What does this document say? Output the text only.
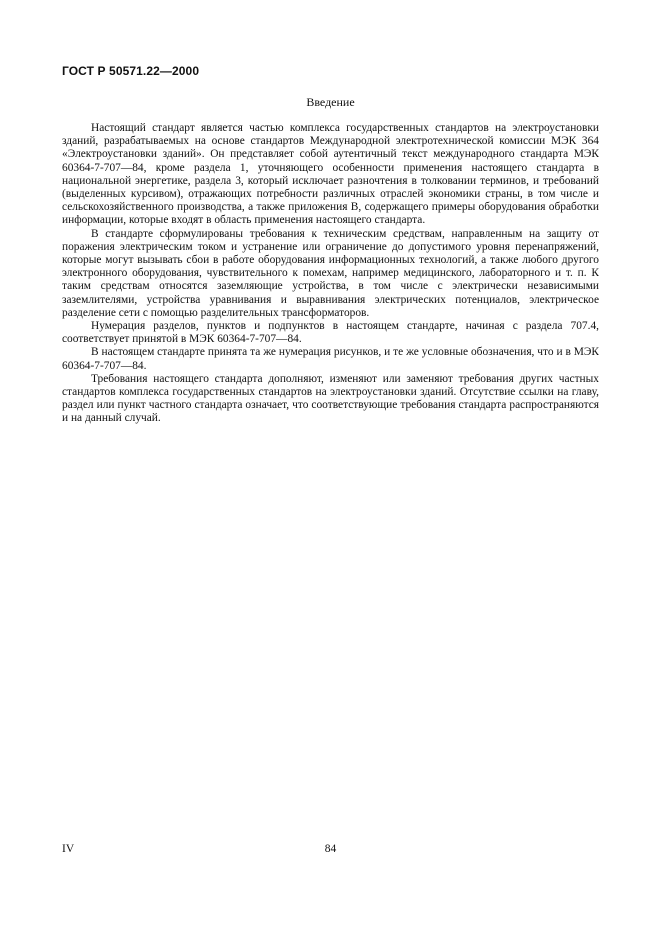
ГОСТ Р 50571.22—2000
Введение

Настоящий стандарт является частью комплекса государственных стандартов на электроустановки зданий, разрабатываемых на основе стандартов Международной электротехнической комиссии МЭК 364 «Электроустановки зданий». Он представляет собой аутентичный текст международного стандарта МЭК 60364-7-707—84, кроме раздела 1, уточняющего особенности применения настоящего стандарта в национальной энергетике, раздела 3, который исключает разночтения в толковании терминов, и требований (выделенных курсивом), отражающих потребности различных отраслей экономики страны, в том числе и сельскохозяйственного производства, а также приложения В, содержащего примеры оборудования обработки информации, которые входят в область применения настоящего стандарта.

В стандарте сформулированы требования к техническим средствам, направленным на защиту от поражения электрическим током и устранение или ограничение до допустимого уровня перенапряжений, которые могут вызывать сбои в работе оборудования информационных технологий, а также любого другого электронного оборудования, чувствительного к помехам, например медицинского, лабораторного и т. п. К таким средствам относятся заземляющие устройства, в том числе с электрически независимыми заземлителями, устройства уравнивания и выравнивания электрических потенциалов, электрическое разделение сети с помощью разделительных трансформаторов.

Нумерация разделов, пунктов и подпунктов в настоящем стандарте, начиная с раздела 707.4, соответствует принятой в МЭК 60364-7-707—84.

В настоящем стандарте принята та же нумерация рисунков, и те же условные обозначения, что и в МЭК 60364-7-707—84.

Требования настоящего стандарта дополняют, изменяют или заменяют требования других частных стандартов комплекса государственных стандартов на электроустановки зданий. Отсутствие ссылки на главу, раздел или пункт частного стандарта означает, что соответствующие требования стандарта распространяются и на данный случай.

IV	84
